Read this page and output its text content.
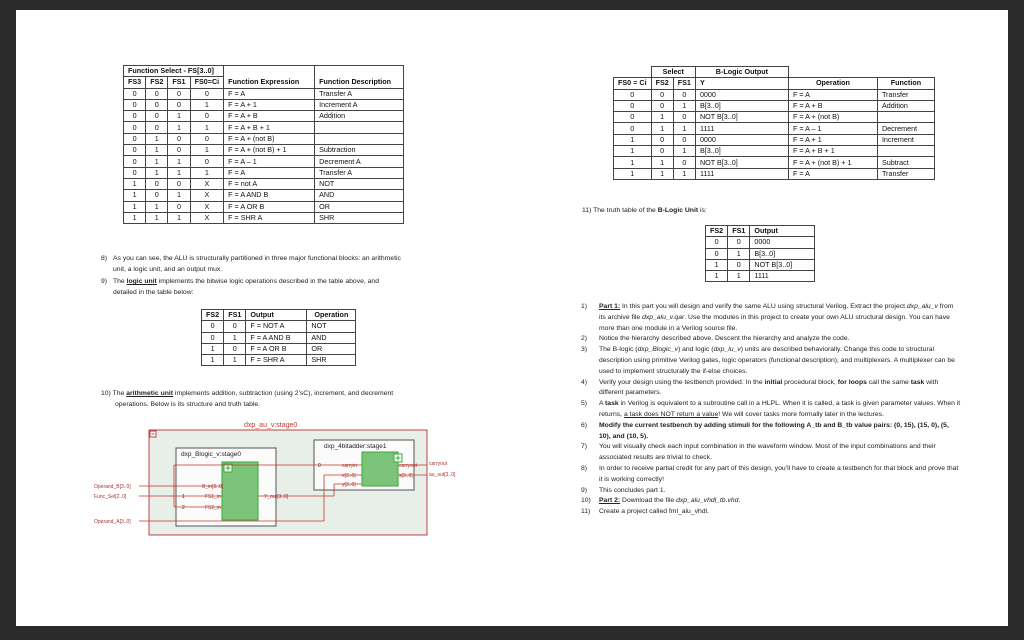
Function Select - FS[3..0]					
FS3	FS2	FS1	FS0=Ci	Function Expression	Function Description
0	0	0	0	F = A	Transfer A
0	0	0	1	F = A + 1	Increment A
0	0	1	0	F = A + B	Addition
0	0	1	1	F = A + B + 1	
0	1	0	0	F = A + (not B)	
0	1	0	1	F = A + (not B) + 1	Subtraction
0	1	1	0	F = A – 1	Decrement A
0	1	1	1	F = A	Transfer A
1	0	0	X	F = not A	NOT
1	0	1	X	F = A AND B	AND
1	1	0	X	F = A OR B	OR
1	1	1	X	F = SHR A	SHR
	Select		B-Logic Output		
FS0 = Ci	FS2	FS1	Y	Operation	Function
0	0	0	0000	F = A	Transfer
0	0	1	B[3..0]	F = A + B	Addition
0	1	0	NOT B[3..0]	F = A + (not B)	
0	1	1	1111	F = A – 1	Decrement
1	0	0	0000	F = A + 1	Increment
1	0	1	B[3..0]	F = A + B + 1	
1	1	0	NOT B[3..0]	F = A + (not B) + 1	Subtract
1	1	1	1111	F = A	Transfer
11) The truth table of the B-Logic Unit is:
FS2	FS1	Output
0	0	0000
0	1	B[3..0]
1	0	NOT B[3..0]
1	1	1111
8) As you can see, the ALU is structurally partitioned in three major functional blocks: an arithmetic
unit, a logic unit, and an output mux.
9) The logic unit implements the bitwise logic operations described in the table above, and
detailed in the table below:
FS2	FS1	Output	Operation
0	0	F = NOT A	NOT
0	1	F = A AND B	AND
1	0	F = A OR B	OR
1	1	F = SHR A	SHR
10) The arithmetic unit implements addition, subtraction (using 2’sC), increment, and decrement
operations. Below is its structure and truth table.
dxp_au_v:stage0
dxp_Blogic_v:stage0
B_in[3..0]
FS1_in
FS2_in
Y_out[3..0]
dxp_4bitadder:stage1
0	carryin
x[3..0]
y[3..0]
carryout
s[3..0]
carryout
au_out[3..0]
Operand_B[3..0]
Func_Sel[2..0]
Operand_A[3..0]
1
2
1) Part 1: In this part you will design and verify the same ALU using structural Verilog. Extract the project dxp_alu_v from its archive file dxp_alu_v.qar. Use the modules in this project to create your own ALU structural design. You can have more than one module in a Verilog source file.
2) Notice the hierarchy described above. Descent the hierarchy and analyze the code.
3) The B-logic (dxp_Blogic_v) and logic (dxp_lu_v) units are described behaviorally. Change this code to structural description using primitive Verilog gates, logic operators (functional description), and multiplexers. A multiplexer can be used to implement structurally the if-else choices.
4) Verify your design using the testbench provided. In the initial procedural block, for loops call the same task with different parameters.
5) A task in Verilog is equivalent to a subroutine call in a HLPL. When it is called, a task is given parameter values. When it returns, a task does NOT return a value! We will cover tasks more formally later in the lectures.
6) Modify the current testbench by adding stimuli for the following A_tb and B_tb value pairs: (0, 15), (15, 0), (5, 10), and (10, 5).
7) You will visually check each input combination in the waveform window. Most of the input combinations and their associated results are trivial to check.
8) In order to receive partial credit for any part of this design, you’ll have to create a testbench for that block and prove that it is working correctly!
9) This concludes part 1.
10) Part 2: Download the file dxp_alu_vhdl_tb.vhd.
11) Create a project called fml_alu_vhdl.
